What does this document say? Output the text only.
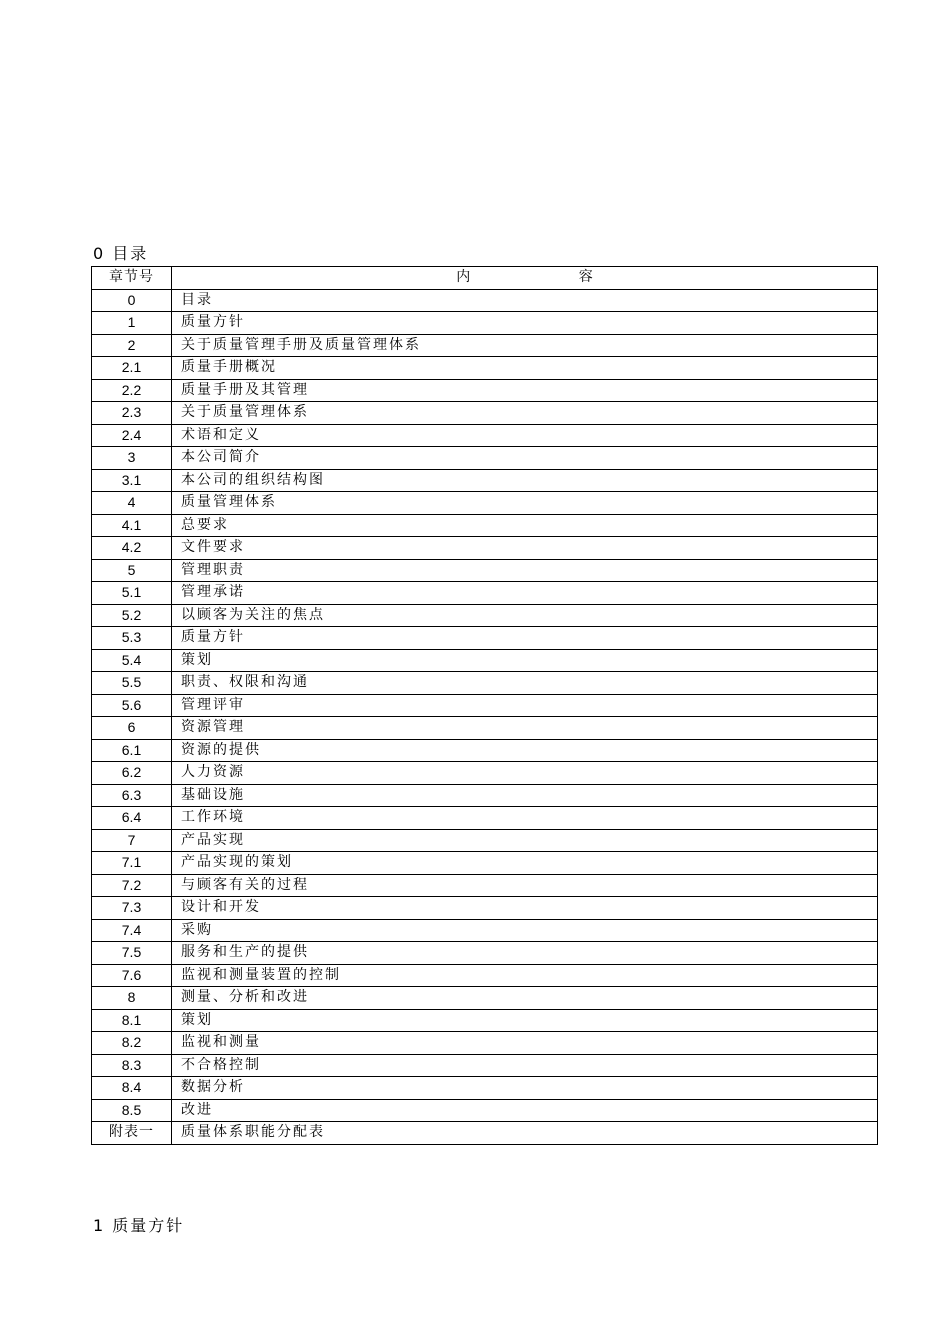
0 目录
章节号	内 容
0	目录
1	质量方针
2	关于质量管理手册及质量管理体系
2.1	质量手册概况
2.2	质量手册及其管理
2.3	关于质量管理体系
2.4	术语和定义
3	本公司简介
3.1	本公司的组织结构图
4	质量管理体系
4.1	总要求
4.2	文件要求
5	管理职责
5.1	管理承诺
5.2	以顾客为关注的焦点
5.3	质量方针
5.4	策划
5.5	职责、权限和沟通
5.6	管理评审
6	资源管理
6.1	资源的提供
6.2	人力资源
6.3	基础设施
6.4	工作环境
7	产品实现
7.1	产品实现的策划
7.2	与顾客有关的过程
7.3	设计和开发
7.4	采购
7.5	服务和生产的提供
7.6	监视和测量装置的控制
8	测量、分析和改进
8.1	策划
8.2	监视和测量
8.3	不合格控制
8.4	数据分析
8.5	改进
附表一	质量体系职能分配表
1 质量方针
